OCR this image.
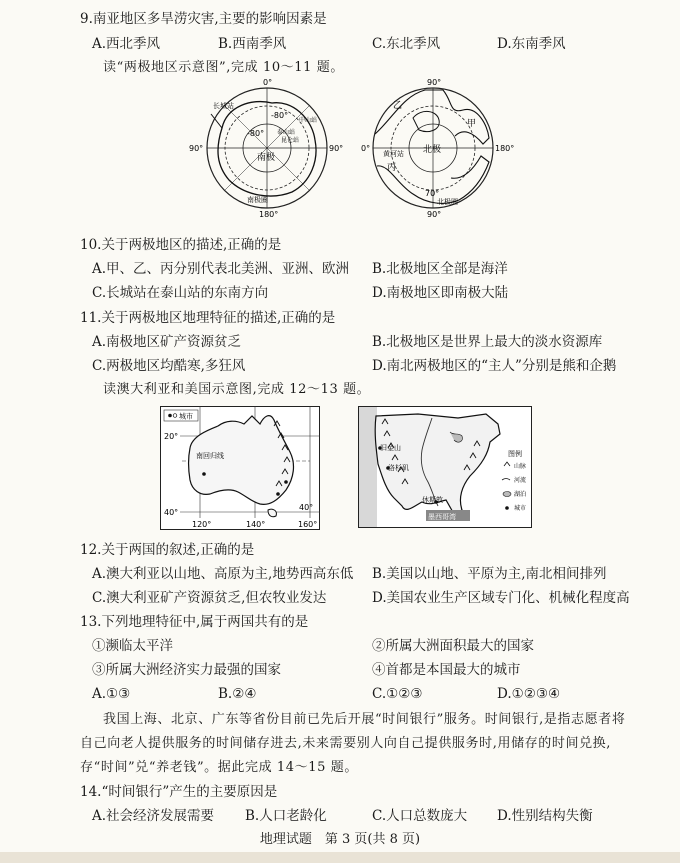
9.南亚地区多旱涝灾害,主要的影响因素是
A.西北季风	B.西南季风	C.东北季风	D.东南季风
读“两极地区示意图”,完成 10～11 题。
0°
90°	90°
180°
-80°
-80°
南极
长城站
中山站
泰山站
昆仑站
南极圈
90°
0°	180°
90°
北极
70°
北极圈
甲
乙
丙
黄河站
10.关于两极地区的描述,正确的是
A.甲、乙、丙分别代表北美洲、亚洲、欧洲 B.北极地区全部是海洋
C.长城站在泰山站的东南方向	D.南极地区即南极大陆
11.关于两极地区地理特征的描述,正确的是
A.南极地区矿产资源贫乏	B.北极地区是世界上最大的淡水资源库
C.两极地区均酷寒,多狂风	D.南北两极地区的“主人”分别是熊和企鹅
读澳大利亚和美国示意图,完成 12～13 题。
城市
20°
40°
40°
120°	140°	160°
南回归线
旧金山
洛杉矶
休斯敦
墨西哥湾
图例
山脉
河流
湖泊
城市
12.关于两国的叙述,正确的是
A.澳大利亚以山地、高原为主,地势西高东低 B.美国以山地、平原为主,南北相间排列
C.澳大利亚矿产资源贫乏,但农牧业发达	D.美国农业生产区域专门化、机械化程度高
13.下列地理特征中,属于两国共有的是
①濒临太平洋	②所属大洲面积最大的国家
③所属大洲经济实力最强的国家	④首都是本国最大的城市
A.①③	B.②④	C.①②③	D.①②③④
我国上海、北京、广东等省份目前已先后开展“时间银行”服务。时间银行,是指志愿者将
自己向老人提供服务的时间储存进去,未来需要别人向自己提供服务时,用储存的时间兑换,
存“时间”兑“养老钱”。据此完成 14～15 题。
14.“时间银行”产生的主要原因是
A.社会经济发展需要 B.人口老龄化	C.人口总数庞大 D.性别结构失衡
地理试题　第 3 页(共 8 页)
